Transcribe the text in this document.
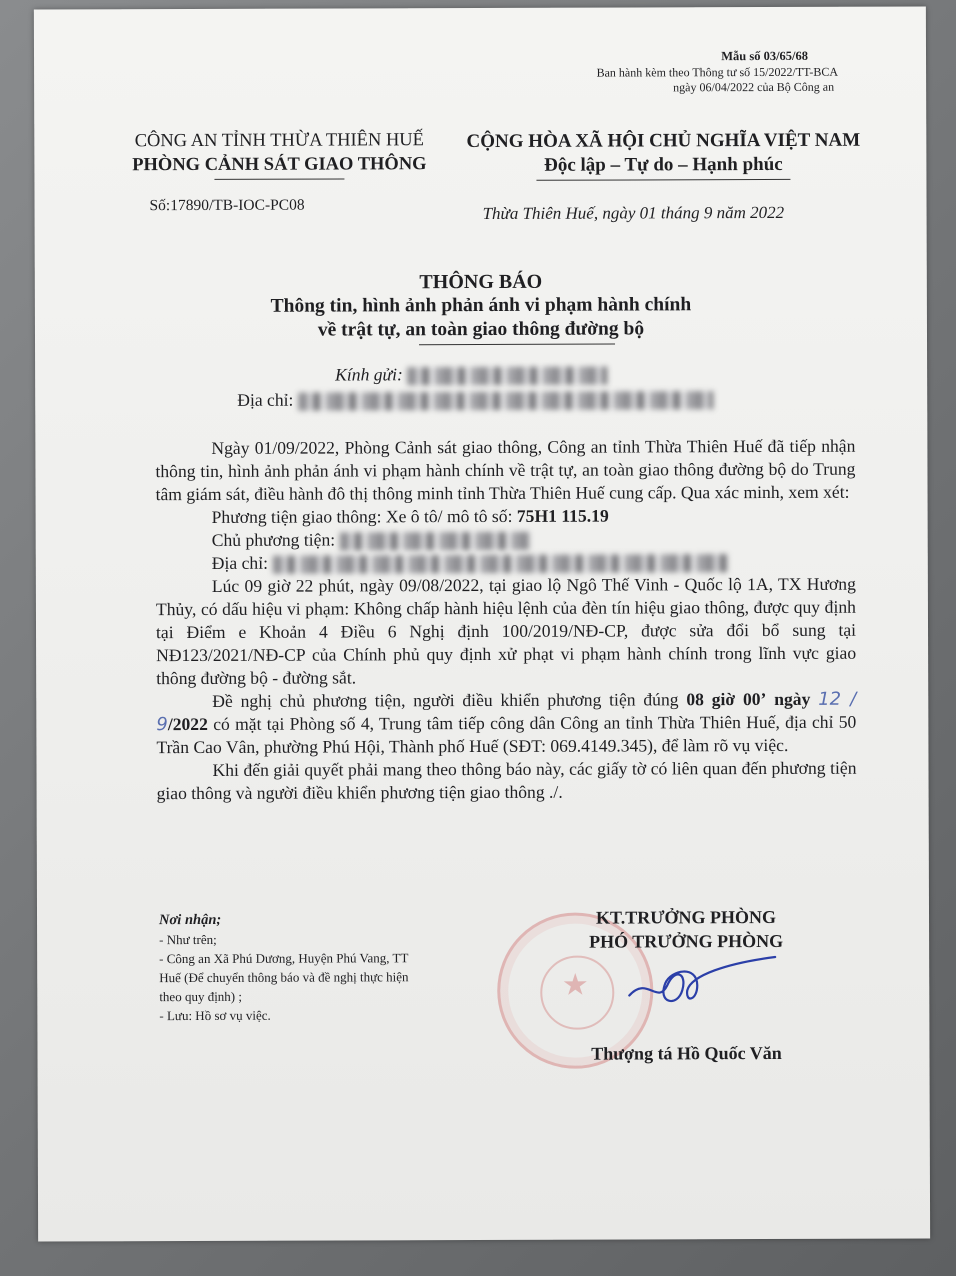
Mẫu số 03/65/68
Ban hành kèm theo Thông tư số 15/2022/TT-BCA
ngày 06/04/2022 của Bộ Công an
CÔNG AN TỈNH THỪA THIÊN HUẾ
PHÒNG CẢNH SÁT GIAO THÔNG
Số:17890/TB-IOC-PC08
CỘNG HÒA XÃ HỘI CHỦ NGHĨA VIỆT NAM
Độc lập – Tự do – Hạnh phúc
Thừa Thiên Huế, ngày 01 tháng 9 năm 2022
THÔNG BÁO
Thông tin, hình ảnh phản ánh vi phạm hành chính
về trật tự, an toàn giao thông đường bộ
Kính gửi:
Địa chỉ:

Ngày 01/09/2022, Phòng Cảnh sát giao thông, Công an tỉnh Thừa Thiên Huế đã tiếp nhận thông tin, hình ảnh phản ánh vi phạm hành chính về trật tự, an toàn giao thông đường bộ do Trung tâm giám sát, điều hành đô thị thông minh tỉnh Thừa Thiên Huế cung cấp. Qua xác minh, xem xét:

Phương tiện giao thông: Xe ô tô/ mô tô số: 75H1 115.19

Chủ phương tiện:

Địa chỉ:

Lúc 09 giờ 22 phút, ngày 09/08/2022, tại giao lộ Ngô Thế Vinh - Quốc lộ 1A, TX Hương Thủy, có dấu hiệu vi phạm: Không chấp hành hiệu lệnh của đèn tín hiệu giao thông, được quy định tại Điểm e Khoản 4 Điều 6 Nghị định 100/2019/NĐ-CP, được sửa đổi bổ sung tại NĐ123/2021/NĐ-CP của Chính phủ quy định xử phạt vi phạm hành chính trong lĩnh vực giao thông đường bộ - đường sắt.

Đề nghị chủ phương tiện, người điều khiển phương tiện đúng 08 giờ 00’ ngày 12 / 9/2022 có mặt tại Phòng số 4, Trung tâm tiếp công dân Công an tỉnh Thừa Thiên Huế, địa chỉ 50 Trần Cao Vân, phường Phú Hội, Thành phố Huế (SĐT: 069.4149.345), để làm rõ vụ việc.

Khi đến giải quyết phải mang theo thông báo này, các giấy tờ có liên quan đến phương tiện giao thông và người điều khiển phương tiện giao thông ./.

Nơi nhận;
- Như trên;
- Công an Xã Phú Dương, Huyện Phú Vang, TT
Huế (Để chuyển thông báo và đề nghị thực hiện
theo quy định) ;
- Lưu: Hồ sơ vụ việc.
★
KT.TRƯỞNG PHÒNG
PHÓ TRƯỞNG PHÒNG
Thượng tá Hồ Quốc Văn
